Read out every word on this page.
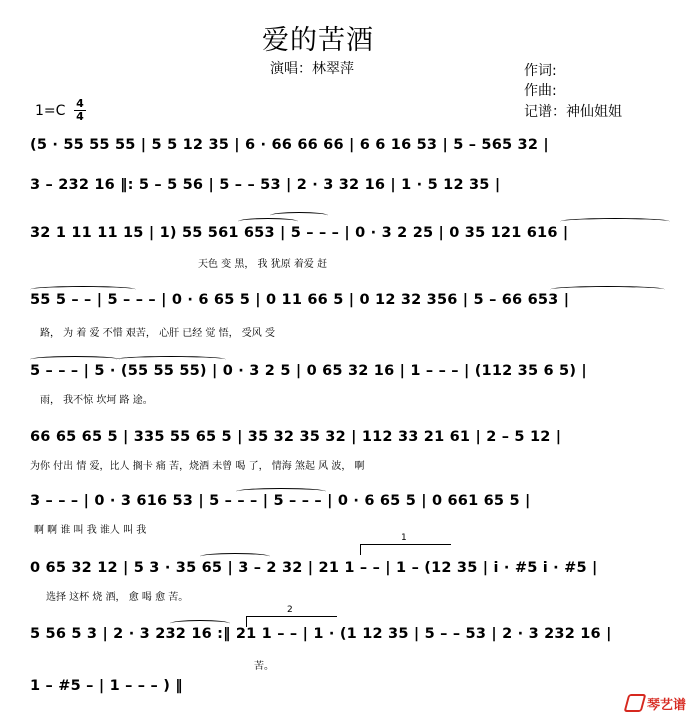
爱的苦酒
演唱：林翠萍	作词:
作曲:
记谱：神仙姐姐
1=C 4
4
(5 · 55 55 55 | 5 5 12 35 | 6 · 66 66 66 | 6 6 16 53 | 5 – 565 32 |
3 – 232 16 ‖: 5 – 5 56 | 5 – – 53 | 2 · 3 32 16 | 1 · 5 12 35 |
32 1 11 11 15 | 1) 55 561 653 | 5 – – – | 0 · 3 2 25 | 0 35 121 616 |
55 5 – – | 5 – – – | 0 · 6 65 5 | 0 11 66 5 | 0 12 32 356 | 5 – 66 653 |
5 – – – | 5 · (55 55 55) | 0 · 3 2 5 | 0 65 32 16 | 1 – – – | (112 35 6 5) |
66 65 65 5 | 335 55 65 5 | 35 32 35 32 | 112 33 21 61 | 2 – 5 12 |
3 – – – | 0 · 3 616 53 | 5 – – – | 5 – – – | 0 · 6 65 5 | 0 661 65 5 |
0 65 32 12 | 5 3 · 35 65 | 3 – 2 32 | 21 1 – – | 1 – (12 35 | i · #5 i · #5 |
5 56 5 3 | 2 · 3 232 16 :‖ 21 1 – – | 1 · (1 12 35 | 5 – – 53 | 2 · 3 232 16 |
1 – #5 – | 1 – – – ) ‖
天色 变 黑， 我 犹原 着爱 赶
路， 为 着 爱 不惜 艰苦， 心肝 已经 觉 悟， 受风 受
雨， 我不惊 坎坷 路 途。
为你 付出 情 爱，比人 搁卡 痛 苦，烧酒 未曾 喝 了， 情海 煞起 风 波， 啊
啊 啊 谁 叫 我 谁人 叫 我
选择 这杯 烧 酒， 愈 喝 愈 苦。
苦。
1
2
琴艺谱
